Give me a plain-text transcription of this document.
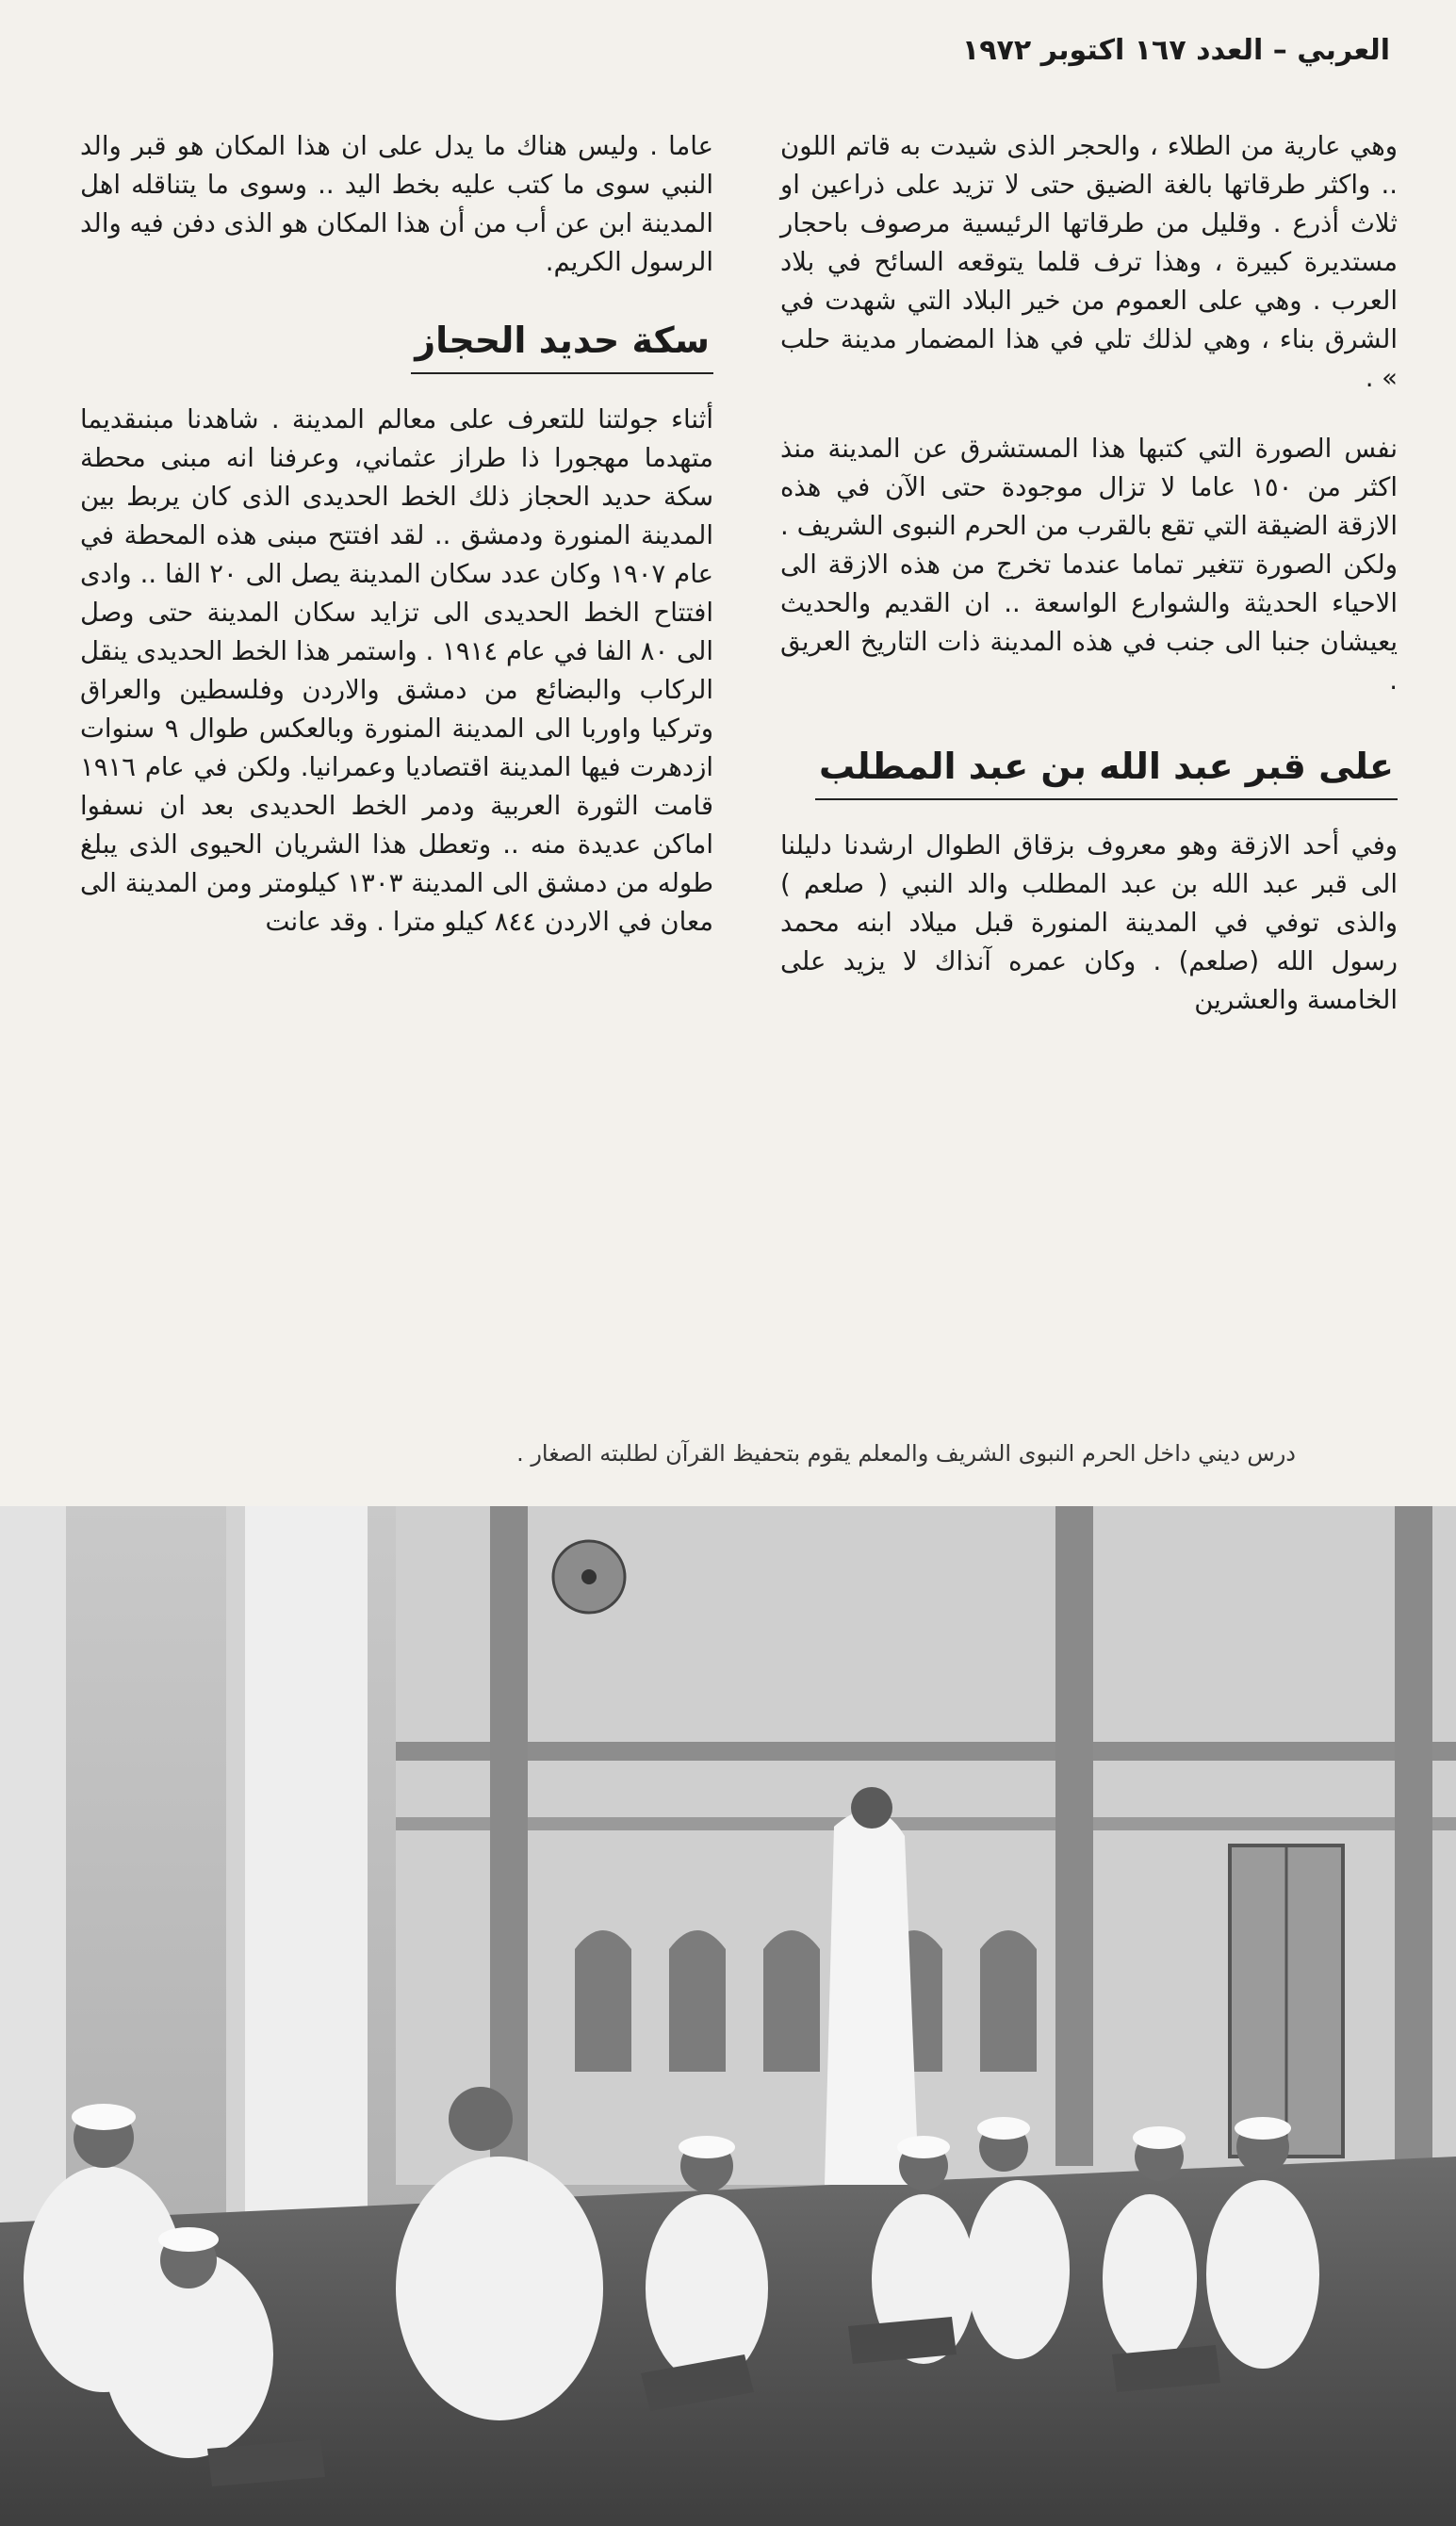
العربي – العدد ١٦٧ اكتوبر ١٩٧٢

وهي عارية من الطلاء ، والحجر الذى شيدت به قاتم اللون .. واكثر طرقاتها بالغة الضيق حتى لا تزيد على ذراعين او ثلاث أذرع . وقليل من طرقاتها الرئيسية مرصوف باحجار مستديرة كبيرة ، وهذا ترف قلما يتوقعه السائح في بلاد العرب . وهي على العموم من خير البلاد التي شهدت في الشرق بناء ، وهي لذلك تلي في هذا المضمار مدينة حلب » .

نفس الصورة التي كتبها هذا المستشرق عن المدينة منذ اكثر من ١٥٠ عاما لا تزال موجودة حتى الآن في هذه الازقة الضيقة التي تقع بالقرب من الحرم النبوى الشريف . ولكن الصورة تتغير تماما عندما تخرج من هذه الازقة الى الاحياء الحديثة والشوارع الواسعة .. ان القديم والحديث يعيشان جنبا الى جنب في هذه المدينة ذات التاريخ العريق .

على قبر عبد الله بن عبد المطلب

وفي أحد الازقة وهو معروف بزقاق الطوال ارشدنا دليلنا الى قبر عبد الله بن عبد المطلب والد النبي ( صلعم ) والذى توفي في المدينة المنورة قبل ميلاد ابنه محمد رسول الله (صلعم) . وكان عمره آنذاك لا يزيد على الخامسة والعشرين

عاما . وليس هناك ما يدل على ان هذا المكان هو قبر والد النبي سوى ما كتب عليه بخط اليد .. وسوى ما يتناقله اهل المدينة ابن عن أب من أن هذا المكان هو الذى دفن فيه والد الرسول الكريم.

سكة حديد الحجاز

أثناء جولتنا للتعرف على معالم المدينة . شاهدنا مبنىقديما متهدما مهجورا ذا طراز عثماني، وعرفنا انه مبنى محطة سكة حديد الحجاز ذلك الخط الحديدى الذى كان يربط بين المدينة المنورة ودمشق .. لقد افتتح مبنى هذه المحطة في عام ١٩٠٧ وكان عدد سكان المدينة يصل الى ٢٠ الفا .. وادى افتتاح الخط الحديدى الى تزايد سكان المدينة حتى وصل الى ٨٠ الفا في عام ١٩١٤ . واستمر هذا الخط الحديدى ينقل الركاب والبضائع من دمشق والاردن وفلسطين والعراق وتركيا واوربا الى المدينة المنورة وبالعكس طوال ٩ سنوات ازدهرت فيها المدينة اقتصاديا وعمرانيا. ولكن في عام ١٩١٦ قامت الثورة العربية ودمر الخط الحديدى بعد ان نسفوا اماكن عديدة منه .. وتعطل هذا الشريان الحيوى الذى يبلغ طوله من دمشق الى المدينة ١٣٠٣ كيلومتر ومن المدينة الى معان في الاردن ٨٤٤ كيلو مترا . وقد عانت

درس ديني داخل الحرم النبوى الشريف والمعلم يقوم بتحفيظ القرآن لطلبته الصغار .
